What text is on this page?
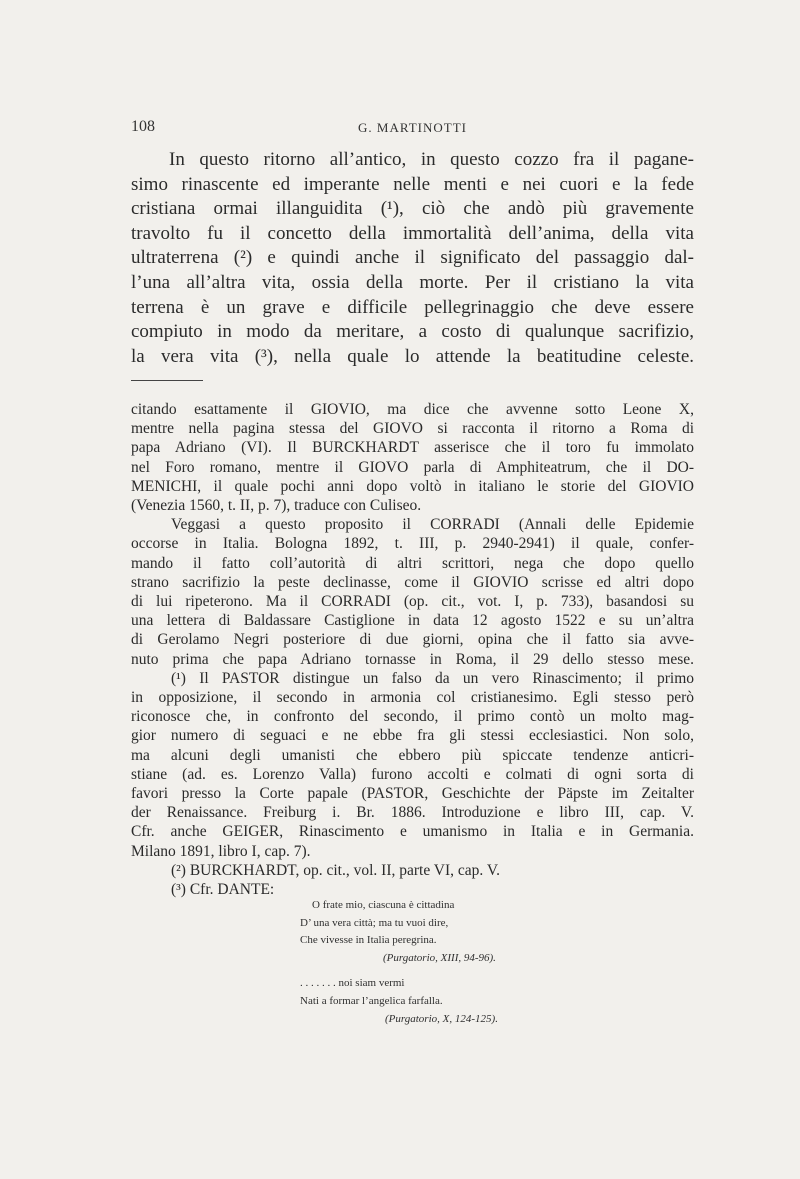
108	G. MARTINOTTI
In questo ritorno all’antico, in questo cozzo fra il pagane-
simo rinascente ed imperante nelle menti e nei cuori e la fede
cristiana ormai illanguidita (¹), ciò che andò più gravemente
travolto fu il concetto della immortalità dell’anima, della vita
ultraterrena (²) e quindi anche il significato del passaggio dal-
l’una all’altra vita, ossia della morte. Per il cristiano la vita
terrena è un grave e difficile pellegrinaggio che deve essere
compiuto in modo da meritare, a costo di qualunque sacrifizio,
la vera vita (³), nella quale lo attende la beatitudine celeste.
citando esattamente il GIOVIO, ma dice che avvenne sotto Leone X,
mentre nella pagina stessa del GIOVO si racconta il ritorno a Roma di
papa Adriano (VI). Il BURCKHARDT asserisce che il toro fu immolato
nel Foro romano, mentre il GIOVO parla di Amphiteatrum, che il DO-
MENICHI, il quale pochi anni dopo voltò in italiano le storie del GIOVIO
(Venezia 1560, t. II, p. 7), traduce con Culiseo.
Veggasi a questo proposito il CORRADI (Annali delle Epidemie
occorse in Italia. Bologna 1892, t. III, p. 2940-2941) il quale, confer-
mando il fatto coll’autorità di altri scrittori, nega che dopo quello
strano sacrifizio la peste declinasse, come il GIOVIO scrisse ed altri dopo
di lui ripeterono. Ma il CORRADI (op. cit., vot. I, p. 733), basandosi su
una lettera di Baldassare Castiglione in data 12 agosto 1522 e su un’altra
di Gerolamo Negri posteriore di due giorni, opina che il fatto sia avve-
nuto prima che papa Adriano tornasse in Roma, il 29 dello stesso mese.
(¹) Il PASTOR distingue un falso da un vero Rinascimento; il primo
in opposizione, il secondo in armonia col cristianesimo. Egli stesso però
riconosce che, in confronto del secondo, il primo contò un molto mag-
gior numero di seguaci e ne ebbe fra gli stessi ecclesiastici. Non solo,
ma alcuni degli umanisti che ebbero più spiccate tendenze anticri-
stiane (ad. es. Lorenzo Valla) furono accolti e colmati di ogni sorta di
favori presso la Corte papale (PASTOR, Geschichte der Päpste im Zeitalter
der Renaissance. Freiburg i. Br. 1886. Introduzione e libro III, cap. V.
Cfr. anche GEIGER, Rinascimento e umanismo in Italia e in Germania.
Milano 1891, libro I, cap. 7).
(²) BURCKHARDT, op. cit., vol. II, parte VI, cap. V.
(³) Cfr. DANTE:
O frate mio, ciascuna è cittadina
D’ una vera città; ma tu vuoi dire,
Che vivesse in Italia peregrina.
(Purgatorio, XIII, 94-96).
. . . . . . . noi siam vermi
Nati a formar l’angelica farfalla.
(Purgatorio, X, 124-125).
